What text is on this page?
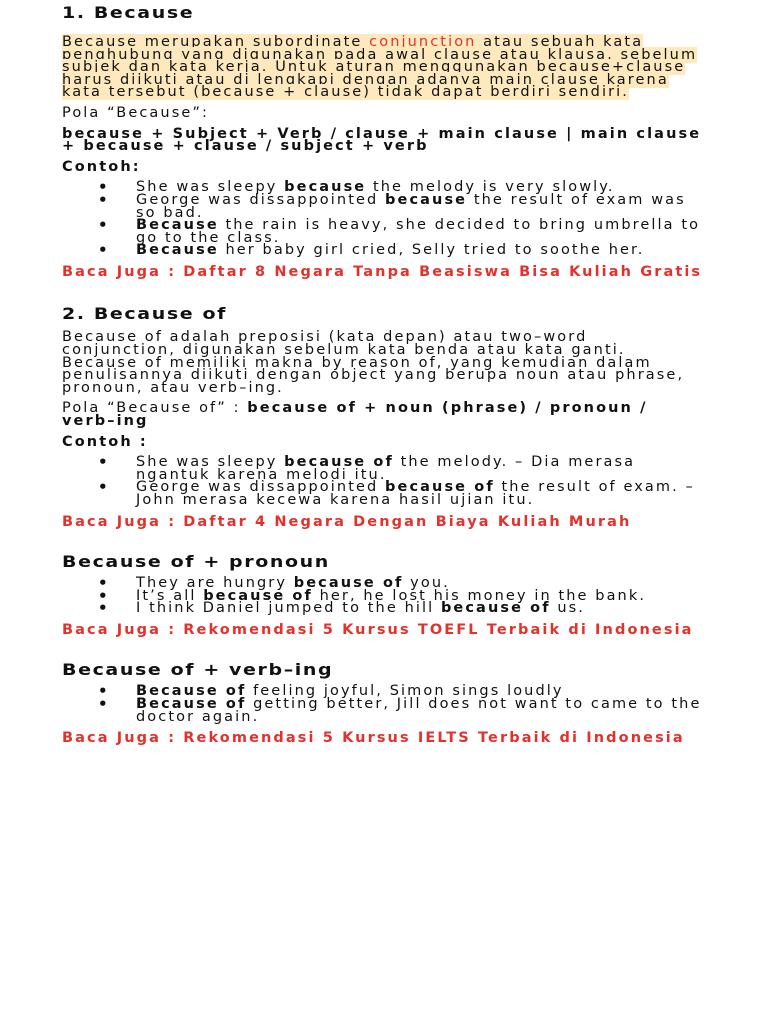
1. Because

Because merupakan subordinate conjunction atau sebuah kata penghubung yang digunakan pada awal clause atau klausa, sebelum subjek dan kata kerja. Untuk aturan menggunakan because+clause harus diikuti atau di lengkapi dengan adanya main clause karena kata tersebut (because + clause) tidak dapat berdiri sendiri.

Pola “Because”:

because + Subject + Verb / clause + main clause | main clause + because + clause / subject + verb

Contoh:

• She was sleepy because the melody is very slowly.
• George was dissappointed because the result of exam was so bad.
• Because the rain is heavy, she decided to bring umbrella to go to the class.
• Because her baby girl cried, Selly tried to soothe her.

Baca Juga : Daftar 8 Negara Tanpa Beasiswa Bisa Kuliah Gratis

2. Because of

Because of adalah preposisi (kata depan) atau two–word conjunction, digunakan sebelum kata benda atau kata ganti. Because of memiliki makna by reason of, yang kemudian dalam penulisannya diikuti dengan object yang berupa noun atau phrase, pronoun, atau verb–ing.

Pola “Because of” : because of + noun (phrase) / pronoun / verb–ing

Contoh :

• She was sleepy because of the melody. – Dia merasa ngantuk karena melodi itu.
• George was dissappointed because of the result of exam. – John merasa kecewa karena hasil ujian itu.

Baca Juga : Daftar 4 Negara Dengan Biaya Kuliah Murah

Because of + pronoun
• They are hungry because of you.
• It’s all because of her, he lost his money in the bank.
• I think Daniel jumped to the hill because of us.

Baca Juga : Rekomendasi 5 Kursus TOEFL Terbaik di Indonesia

Because of + verb–ing
• Because of feeling joyful, Simon sings loudly
• Because of getting better, Jill does not want to came to the doctor again.

Baca Juga : Rekomendasi 5 Kursus IELTS Terbaik di Indonesia
